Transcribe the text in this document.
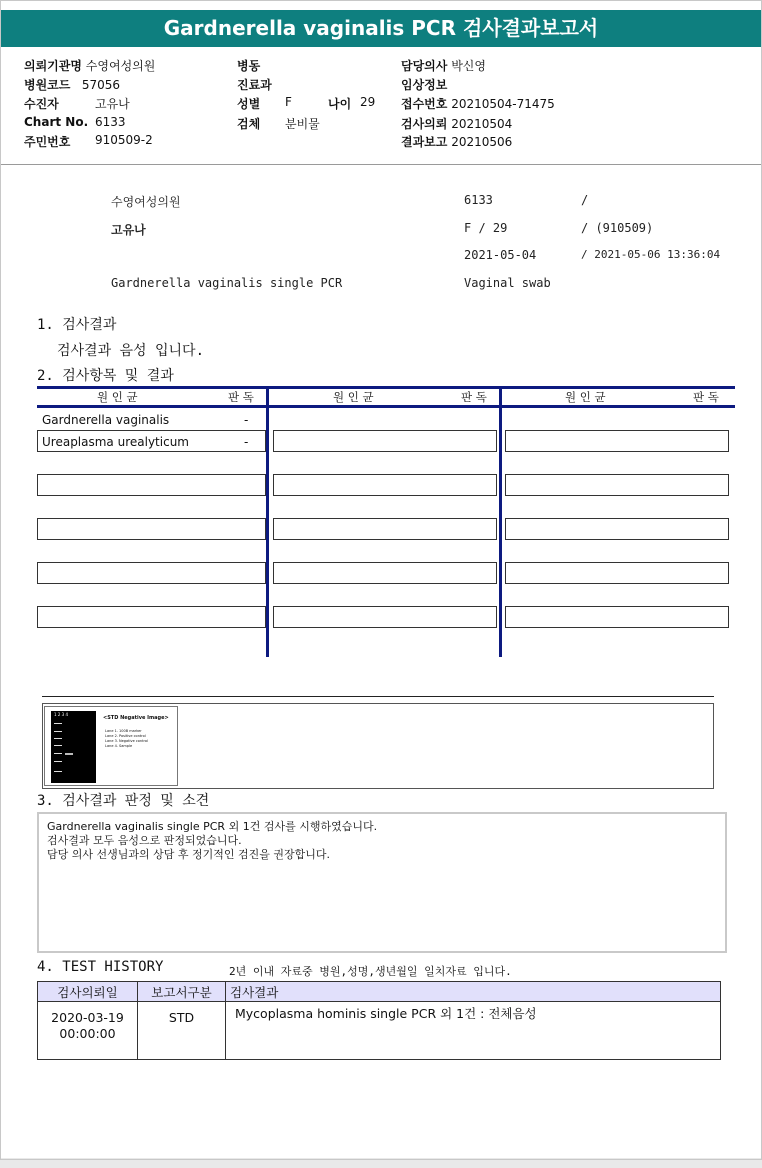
Gardnerella vaginalis PCR 검사결과보고서
의뢰기관명 수영여성의원
병원코드 57056
수진자	고유나
Chart No. 6133
주민번호 910509-2
병동
진료과
성별 F	나이 29
검체 분비물
담당의사 박신영
임상정보
접수번호 20210504-71475
검사의뢰 20210504
결과보고 20210506
수영여성의원	6133	/
고유나	F / 29	/ (910509)
2021-05-04	/ 2021-05-06 13:36:04
Gardnerella vaginalis single PCR	Vaginal swab
1. 검사결과
검사결과 음성 입니다.
2. 검사항목 및 결과
원 인 균	판 독	원 인 균	판 독	원 인 균	판 독
Gardnerella vaginalis	-
Ureaplasma urealyticum	-
1 2 3 4
<STD Negative Image>
Lane 1. 100B marker
Lane 2. Positive control
Lane 3. Negative control
Lane 4. Sample
3. 검사결과 판정 및 소견
Gardnerella vaginalis single PCR 외 1건 검사를 시행하였습니다.
검사결과 모두 음성으로 판정되었습니다.
담당 의사 선생님과의 상담 후 정기적인 검진을 권장합니다.
4. TEST HISTORY	2년 이내 자료중 병원,성명,생년월일 일치자료 입니다.
검사의뢰일	보고서구분	검사결과

2020-03-19
00:00:00	STD	Mycoplasma hominis single PCR 외 1건 : 전체음성
